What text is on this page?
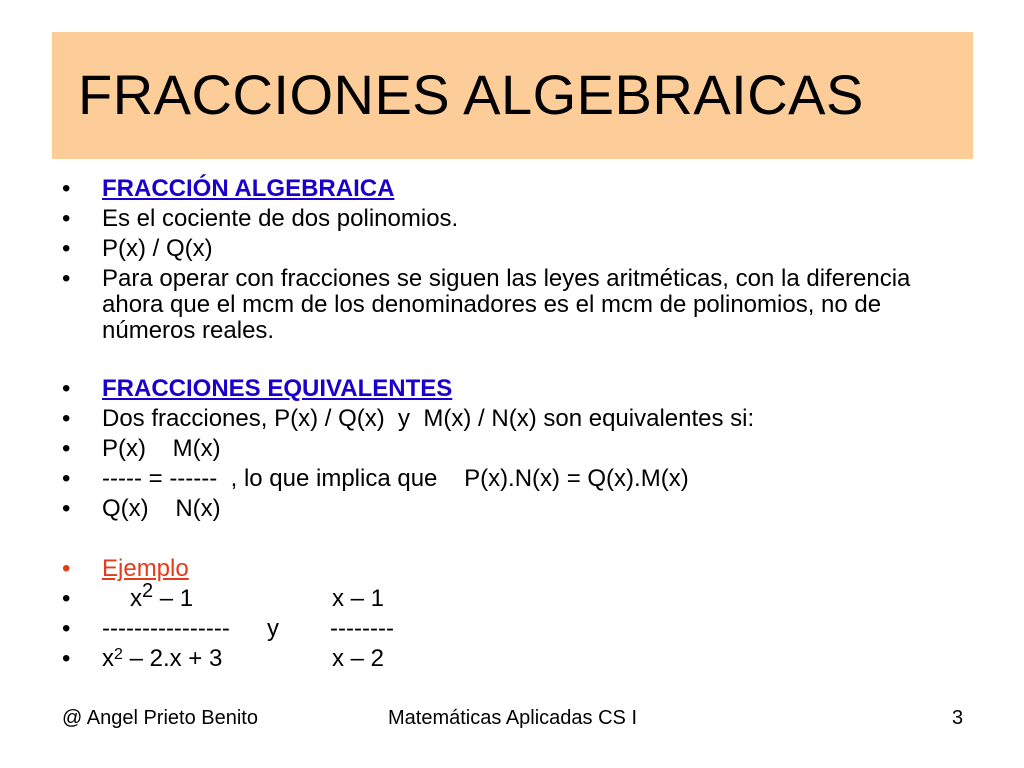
FRACCIONES ALGEBRAICAS
•	FRACCIÓN ALGEBRAICA
•	Es el cociente de dos polinomios.
•	P(x) / Q(x)
•	Para operar con fracciones se siguen las leyes aritméticas, con la diferencia ahora que el mcm de los denominadores es el mcm de polinomios, no de números reales.
•	FRACCIONES EQUIVALENTES
•	Dos fracciones, P(x) / Q(x)  y  M(x) / N(x) son equivalentes si:
•	P(x)    M(x)
•	----- = ------  , lo que implica que    P(x).N(x) = Q(x).M(x)
•	Q(x)    N(x)
•	Ejemplo
•	$x^2 - 1$	x – 1
•	---------------- y --------
•	$x^2 - 2.x + 3$	x – 2
@ Angel Prieto Benito	Matemáticas Aplicadas CS I	3
